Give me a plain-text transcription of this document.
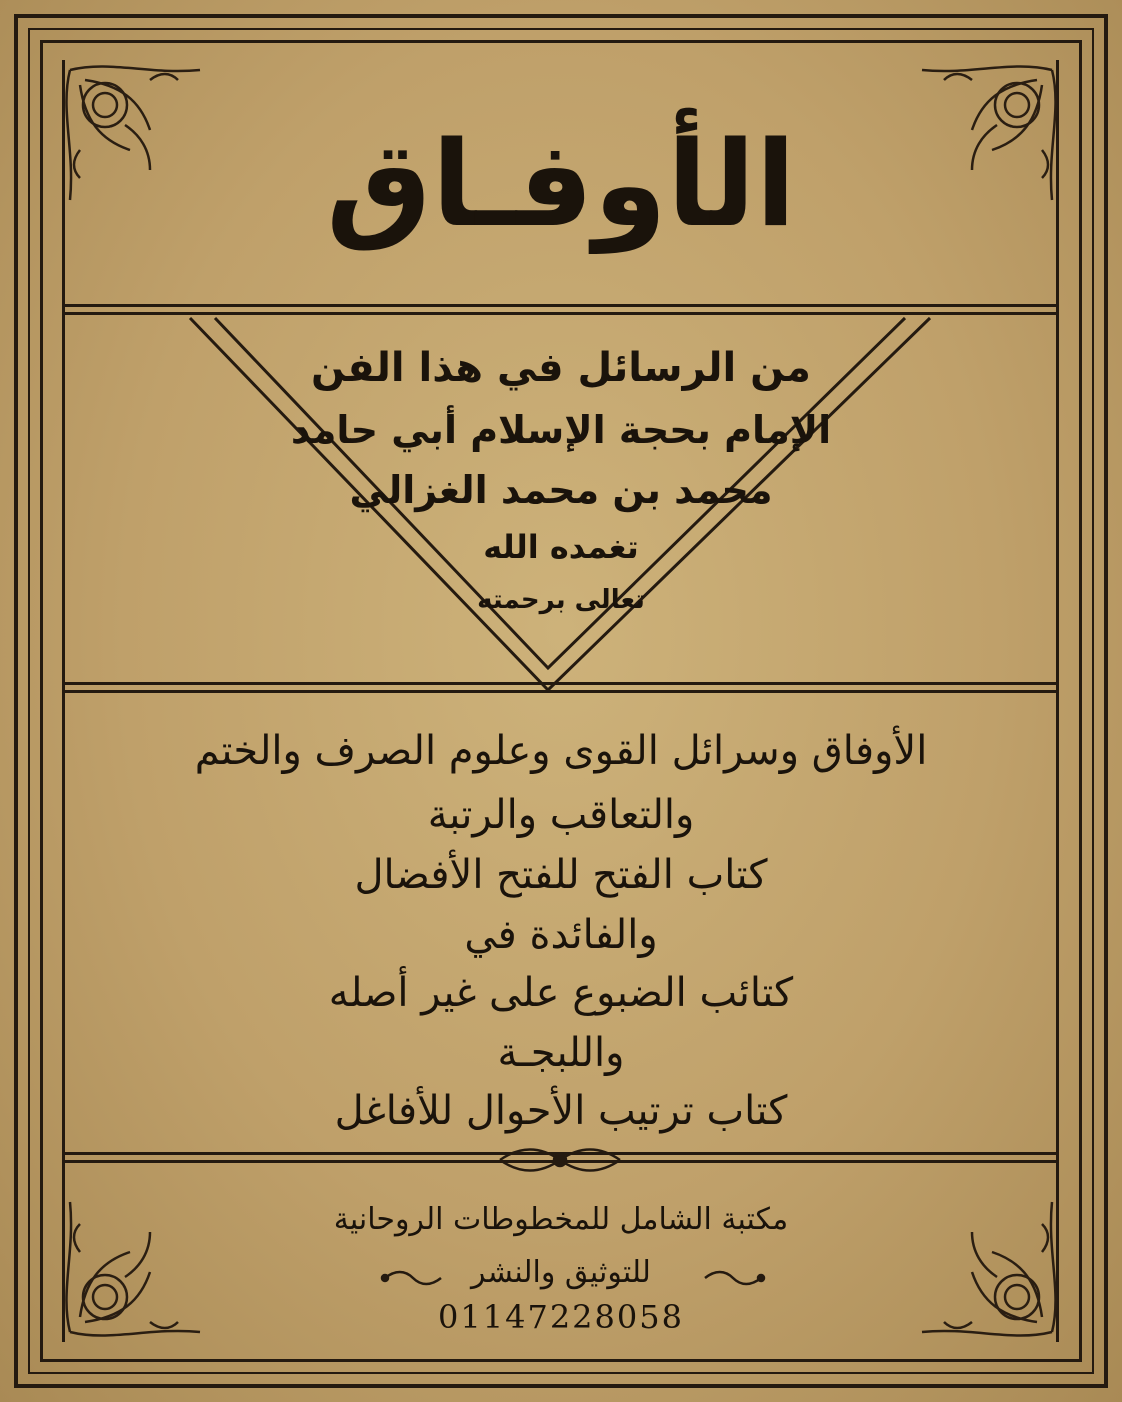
الأوفـاق
من الرسائل في هذا الفن
الإمام بحجة الإسلام أبي حامد
محمد بن محمد الغزالي
تغمده الله
تعالى برحمته
الأوفاق وسرائل القوى وعلوم الصرف والختم
والتعاقب والرتبة
كتاب الفتح للفتح الأفضال
والفائدة في
كتائب الضبوع على غير أصله
واللبجـة
كتاب ترتيب الأحوال للأفاغل
مكتبة الشامل للمخطوطات الروحانية
للتوثيق والنشر
01147228058
